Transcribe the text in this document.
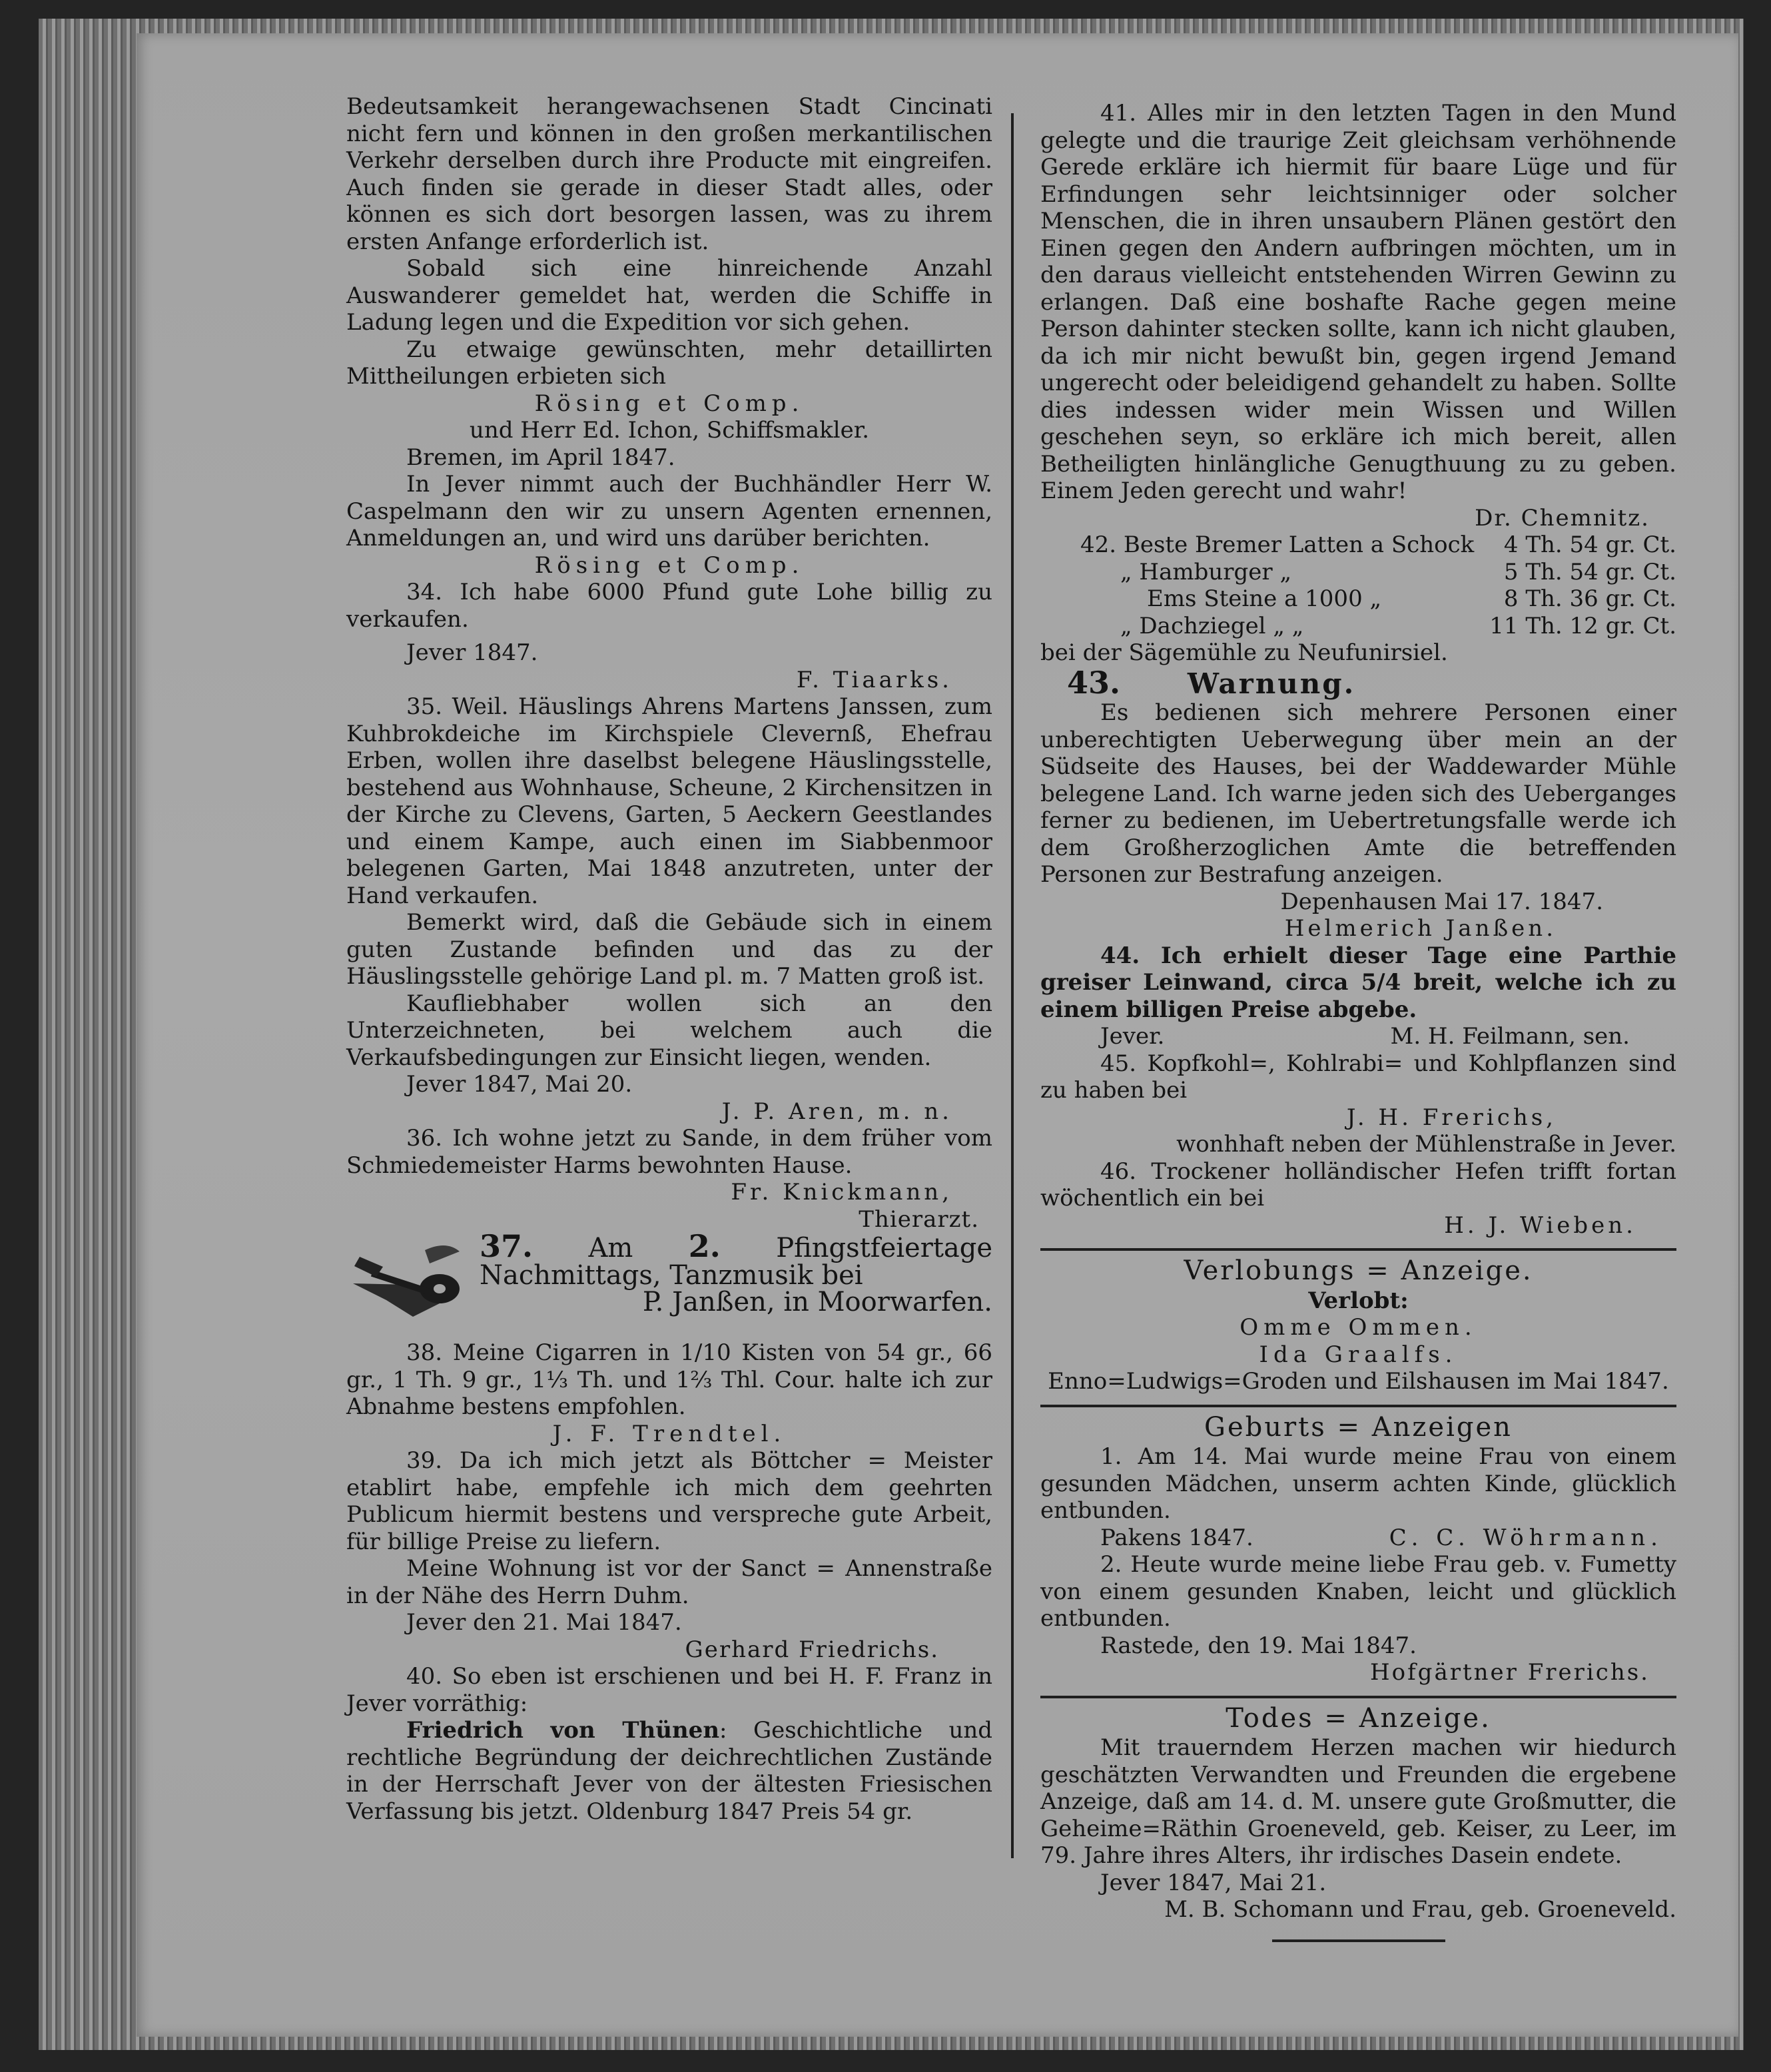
Bedeutsamkeit herangewachsenen Stadt Cincinati nicht fern und können in den großen merkantilischen Verkehr derselben durch ihre Producte mit eingreifen. Auch finden sie gerade in dieser Stadt alles, oder können es sich dort besorgen lassen, was zu ihrem ersten Anfange erforderlich ist.

Sobald sich eine hinreichende Anzahl Auswanderer gemeldet hat, werden die Schiffe in Ladung legen und die Expedition vor sich gehen.

Zu etwaige gewünschten, mehr detaillirten Mittheilungen erbieten sich

Rösing et Comp.

und Herr Ed. Ichon, Schiffsmakler.

Bremen, im April 1847.

In Jever nimmt auch der Buchhändler Herr W. Caspelmann den wir zu unsern Agenten ernennen, Anmeldungen an, und wird uns darüber berichten.

Rösing et Comp.

34. Ich habe 6000 Pfund gute Lohe billig zu verkaufen.

Jever 1847.

F. Tiaarks.

35. Weil. Häuslings Ahrens Martens Janssen, zum Kuhbrokdeiche im Kirchspiele Clevernß, Ehefrau Erben, wollen ihre daselbst belegene Häuslingsstelle, bestehend aus Wohnhause, Scheune, 2 Kirchensitzen in der Kirche zu Clevens, Garten, 5 Aeckern Geestlandes und einem Kampe, auch einen im Siabbenmoor belegenen Garten, Mai 1848 anzutreten, unter der Hand verkaufen.

Bemerkt wird, daß die Gebäude sich in einem guten Zustande befinden und das zu der Häuslingsstelle gehörige Land pl. m. 7 Matten groß ist.

Kaufliebhaber wollen sich an den Unterzeichneten, bei welchem auch die Verkaufsbedingungen zur Einsicht liegen, wenden.

Jever 1847, Mai 20.

J. P. Aren, m. n.

36. Ich wohne jetzt zu Sande, in dem früher vom Schmiedemeister Harms bewohnten Hause.

Fr. Knickmann,

Thierarzt.

37. Am 2. Pfingstfeiertage Nachmittags, Tanzmusik bei

P. Janßen, in Moorwarfen.

38. Meine Cigarren in 1/10 Kisten von 54 gr., 66 gr., 1 Th. 9 gr., 1⅓ Th. und 1⅔ Thl. Cour. halte ich zur Abnahme bestens empfohlen.

J. F. Trendtel.

39. Da ich mich jetzt als Böttcher = Meister etablirt habe, empfehle ich mich dem geehrten Publicum hiermit bestens und verspreche gute Arbeit, für billige Preise zu liefern.

Meine Wohnung ist vor der Sanct = Annenstraße in der Nähe des Herrn Duhm.

Jever den 21. Mai 1847.

Gerhard Friedrichs.

40. So eben ist erschienen und bei H. F. Franz in Jever vorräthig:

Friedrich von Thünen: Geschichtliche und rechtliche Begründung der deichrechtlichen Zustände in der Herrschaft Jever von der ältesten Friesischen Verfassung bis jetzt. Oldenburg 1847 Preis 54 gr.

41. Alles mir in den letzten Tagen in den Mund gelegte und die traurige Zeit gleichsam verhöhnende Gerede erkläre ich hiermit für baare Lüge und für Erfindungen sehr leichtsinniger oder solcher Menschen, die in ihren unsaubern Plänen gestört den Einen gegen den Andern aufbringen möchten, um in den daraus vielleicht entstehenden Wirren Gewinn zu erlangen. Daß eine boshafte Rache gegen meine Person dahinter stecken sollte, kann ich nicht glauben, da ich mir nicht bewußt bin, gegen irgend Jemand ungerecht oder beleidigend gehandelt zu haben. Sollte dies indessen wider mein Wissen und Willen geschehen seyn, so erkläre ich mich bereit, allen Betheiligten hinlängliche Genugthuung zu zu geben. Einem Jeden gerecht und wahr!

Dr. Chemnitz.

42. Beste Bremer Latten a Schock	4 Th. 54 gr. Ct.
„ Hamburger „	5 Th. 54 gr. Ct.
Ems Steine a 1000 „	8 Th. 36 gr. Ct.
„ Dachziegel „ „	11 Th. 12 gr. Ct.

bei der Sägemühle zu Neufunirsiel.

43. Warnung.

Es bedienen sich mehrere Personen einer unberechtigten Ueberwegung über mein an der Südseite des Hauses, bei der Waddewarder Mühle belegene Land. Ich warne jeden sich des Ueberganges ferner zu bedienen, im Uebertretungsfalle werde ich dem Großherzoglichen Amte die betreffenden Personen zur Bestrafung anzeigen.

Depenhausen Mai 17. 1847.

Helmerich Janßen.

44. Ich erhielt dieser Tage eine Parthie greiser Leinwand, circa 5/4 breit, welche ich zu einem billigen Preise abgebe.

Jever.	M. H. Feilmann, sen.

45. Kopfkohl=, Kohlrabi= und Kohlpflanzen sind zu haben bei

J. H. Frerichs,

wonhhaft neben der Mühlenstraße in Jever.

46. Trockener holländischer Hefen trifft fortan wöchentlich ein bei

H. J. Wieben.

Verlobungs = Anzeige.

Verlobt:

Omme Ommen.

Ida Graalfs.

Enno=Ludwigs=Groden und Eilshausen im Mai 1847.

Geburts = Anzeigen

1. Am 14. Mai wurde meine Frau von einem gesunden Mädchen, unserm achten Kinde, glücklich entbunden.

Pakens 1847.	C. C. Wöhrmann.

2. Heute wurde meine liebe Frau geb. v. Fumetty von einem gesunden Knaben, leicht und glücklich entbunden.

Rastede, den 19. Mai 1847.

Hofgärtner Frerichs.

Todes = Anzeige.

Mit trauerndem Herzen machen wir hiedurch geschätzten Verwandten und Freunden die ergebene Anzeige, daß am 14. d. M. unsere gute Großmutter, die Geheime=Räthin Groeneveld, geb. Keiser, zu Leer, im 79. Jahre ihres Alters, ihr irdisches Dasein endete.

Jever 1847, Mai 21.

M. B. Schomann und Frau, geb. Groeneveld.
